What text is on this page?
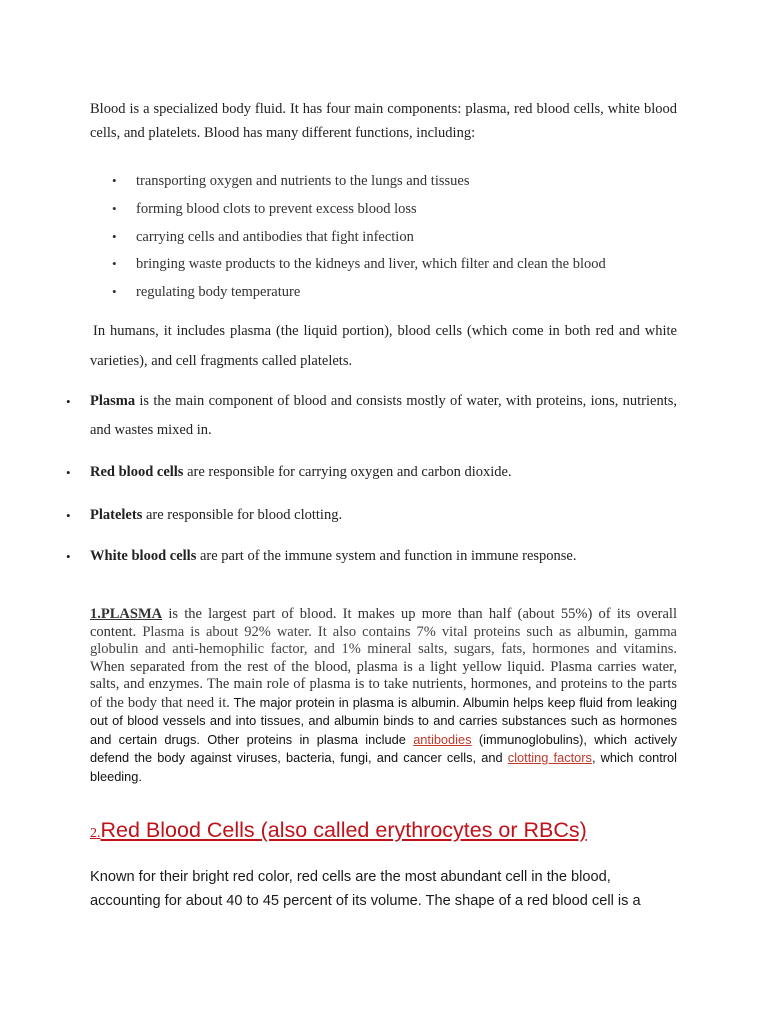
Blood is a specialized body fluid. It has four main components: plasma, red blood cells, white blood cells, and platelets. Blood has many different functions, including:

• transporting oxygen and nutrients to the lungs and tissues
• forming blood clots to prevent excess blood loss
• carrying cells and antibodies that fight infection
• bringing waste products to the kidneys and liver, which filter and clean the blood
• regulating body temperature

In humans, it includes plasma (the liquid portion), blood cells (which come in both red and white varieties), and cell fragments called platelets.

• Plasma is the main component of blood and consists mostly of water, with proteins, ions, nutrients, and wastes mixed in.
• Red blood cells are responsible for carrying oxygen and carbon dioxide.
• Platelets are responsible for blood clotting.
• White blood cells are part of the immune system and function in immune response.

1.PLASMA is the largest part of blood. It makes up more than half (about 55%) of its overall content. Plasma is about 92% water. It also contains 7% vital proteins such as albumin, gamma globulin and anti-hemophilic factor, and 1% mineral salts, sugars, fats, hormones and vitamins. When separated from the rest of the blood, plasma is a light yellow liquid. Plasma carries water, salts, and enzymes. The main role of plasma is to take nutrients, hormones, and proteins to the parts of the body that need it. The major protein in plasma is albumin. Albumin helps keep fluid from leaking out of blood vessels and into tissues, and albumin binds to and carries substances such as hormones and certain drugs. Other proteins in plasma include antibodies (immunoglobulins), which actively defend the body against viruses, bacteria, fungi, and cancer cells, and clotting factors, which control bleeding.

2.Red Blood Cells (also called erythrocytes or RBCs)

Known for their bright red color, red cells are the most abundant cell in the blood, accounting for about 40 to 45 percent of its volume. The shape of a red blood cell is a
